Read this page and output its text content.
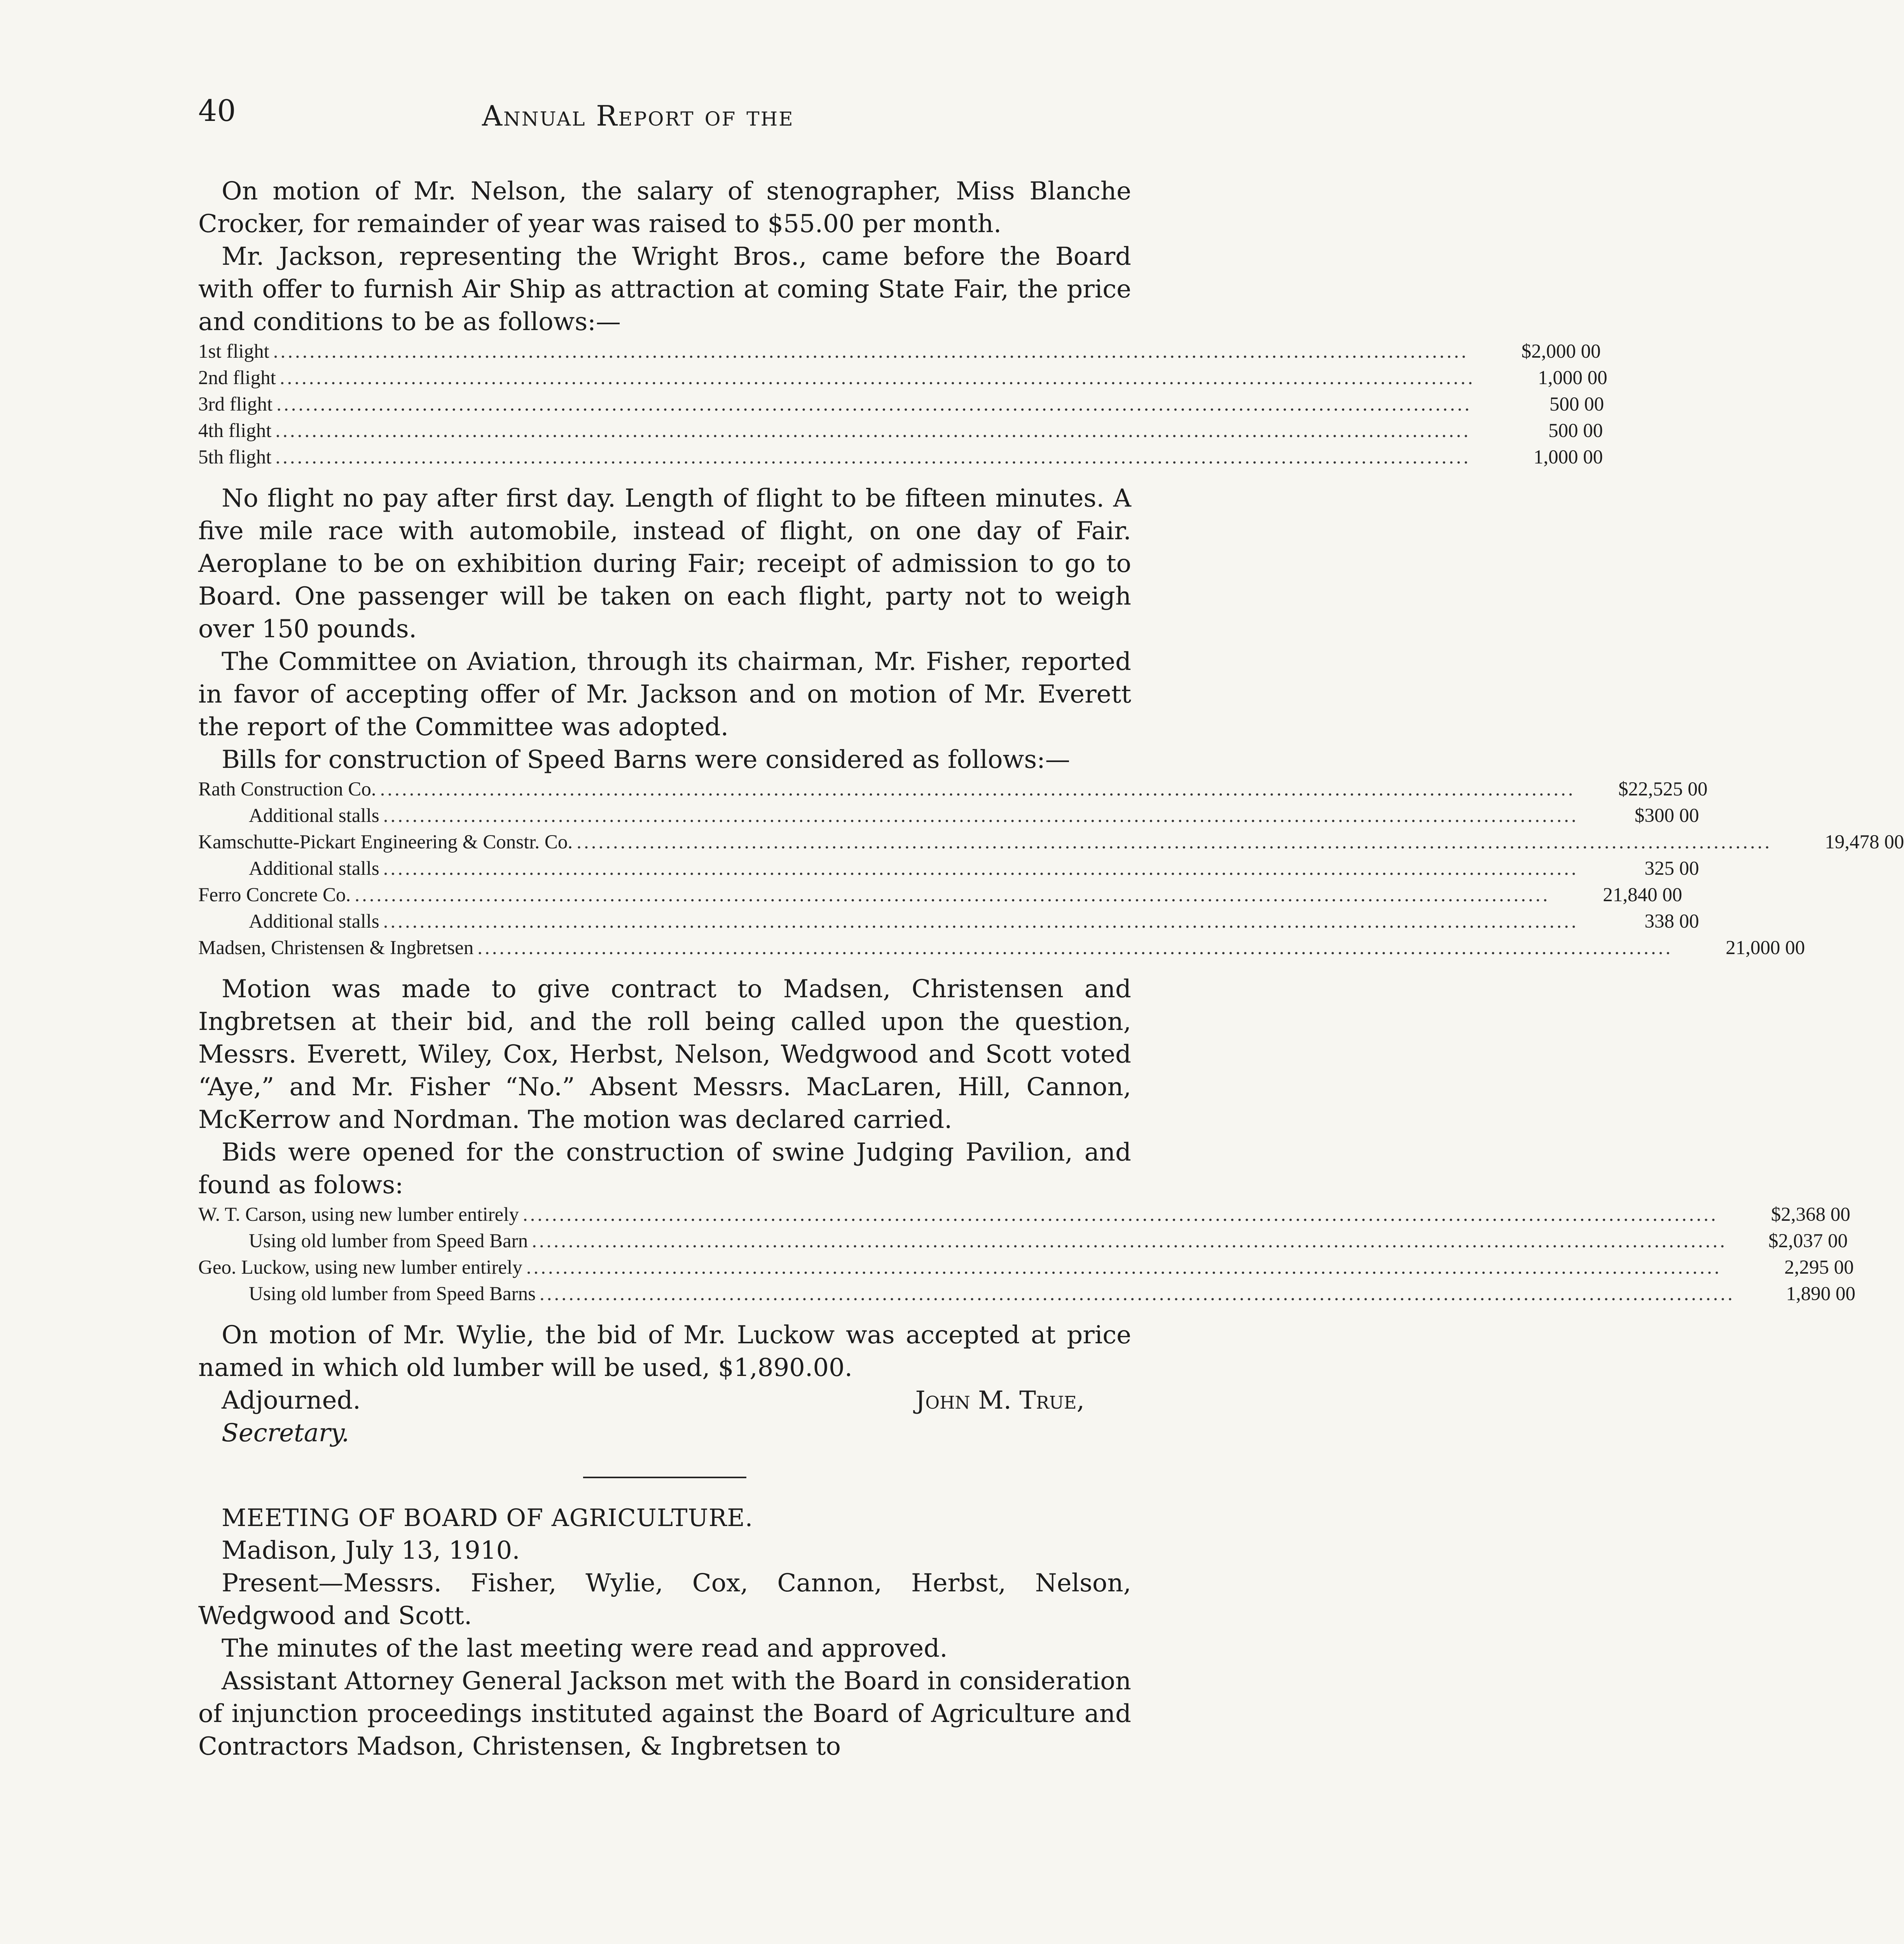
40	Annual Report of the

On motion of Mr. Nelson, the salary of stenographer, Miss Blanche Crocker, for remainder of year was raised to $55.00 per month.

Mr. Jackson, representing the Wright Bros., came before the Board with offer to furnish Air Ship as attraction at coming State Fair, the price and conditions to be as follows:—

1st flight ....................................................................................................................................................................	$2,000 00
2nd flight ....................................................................................................................................................................	1,000 00
3rd flight ....................................................................................................................................................................	500 00
4th flight ....................................................................................................................................................................	500 00
5th flight ....................................................................................................................................................................	1,000 00

No flight no pay after first day. Length of flight to be fifteen minutes. A five mile race with automobile, instead of flight, on one day of Fair. Aeroplane to be on exhibition during Fair; receipt of admission to go to Board. One passenger will be taken on each flight, party not to weigh over 150 pounds.

The Committee on Aviation, through its chairman, Mr. Fisher, reported in favor of accepting offer of Mr. Jackson and on motion of Mr. Everett the report of the Committee was adopted.

Bills for construction of Speed Barns were considered as follows:—

Rath Construction Co. ....................................................................................................................................................................	$22,525 00
Additional stalls ....................................................................................................................................................................	$300 00
Kamschutte-Pickart Engineering & Constr. Co. ....................................................................................................................................................................	19,478 00
Additional stalls ....................................................................................................................................................................	325 00
Ferro Concrete Co. ....................................................................................................................................................................	21,840 00
Additional stalls ....................................................................................................................................................................	338 00
Madsen, Christensen & Ingbretsen ....................................................................................................................................................................	21,000 00

Motion was made to give contract to Madsen, Christensen and Ingbretsen at their bid, and the roll being called upon the question, Messrs. Everett, Wiley, Cox, Herbst, Nelson, Wedgwood and Scott voted “Aye,” and Mr. Fisher “No.” Absent Messrs. MacLaren, Hill, Cannon, McKerrow and Nordman. The motion was declared carried.

Bids were opened for the construction of swine Judging Pavilion, and found as folows:

W. T. Carson, using new lumber entirely ....................................................................................................................................................................	$2,368 00
Using old lumber from Speed Barn ....................................................................................................................................................................	$2,037 00
Geo. Luckow, using new lumber entirely ....................................................................................................................................................................	2,295 00
Using old lumber from Speed Barns ....................................................................................................................................................................	1,890 00

On motion of Mr. Wylie, the bid of Mr. Luckow was accepted at price named in which old lumber will be used, $1,890.00.

Adjourned.	John M. True,

Secretary.

MEETING OF BOARD OF AGRICULTURE.

Madison, July 13, 1910.

Present—Messrs. Fisher, Wylie, Cox, Cannon, Herbst, Nelson, Wedgwood and Scott.

The minutes of the last meeting were read and approved.

Assistant Attorney General Jackson met with the Board in consideration of injunction proceedings instituted against the Board of Agriculture and Contractors Madson, Christensen, & Ingbretsen to
